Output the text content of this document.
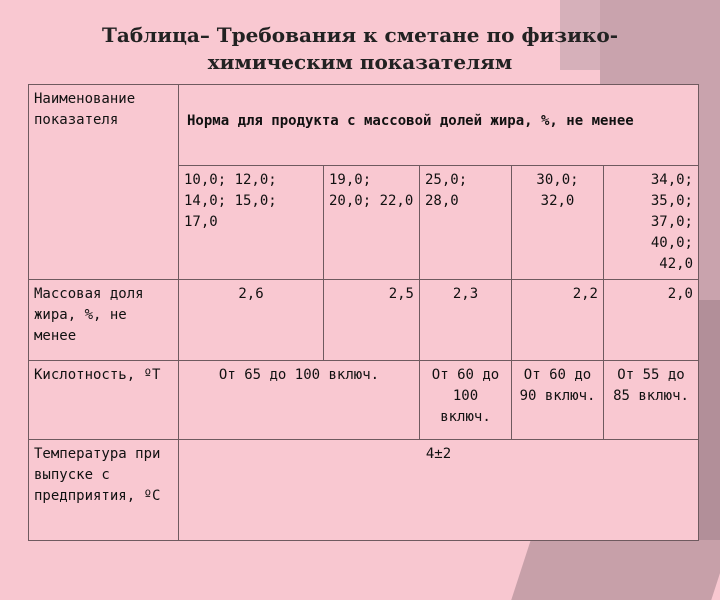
Таблица– Требования к сметане по физико-химическим показателям
Наименование показателя	Норма для продукта с массовой долей жира, %, не менее				
	10,0; 12,0; 14,0; 15,0; 17,0	19,0; 20,0; 22,0	25,0; 28,0	30,0; 32,0	34,0; 35,0; 37,0; 40,0; 42,0
Массовая доля жира, %, не менее	2,6	2,5	2,3	2,2	2,0
Кислотность, ºТ	От 65 до 100 включ.		От 60 до 100 включ.	От 60 до 90 включ.	От 55 до 85 включ.
Температура при выпуске с предприятия, ºС	4±2				
